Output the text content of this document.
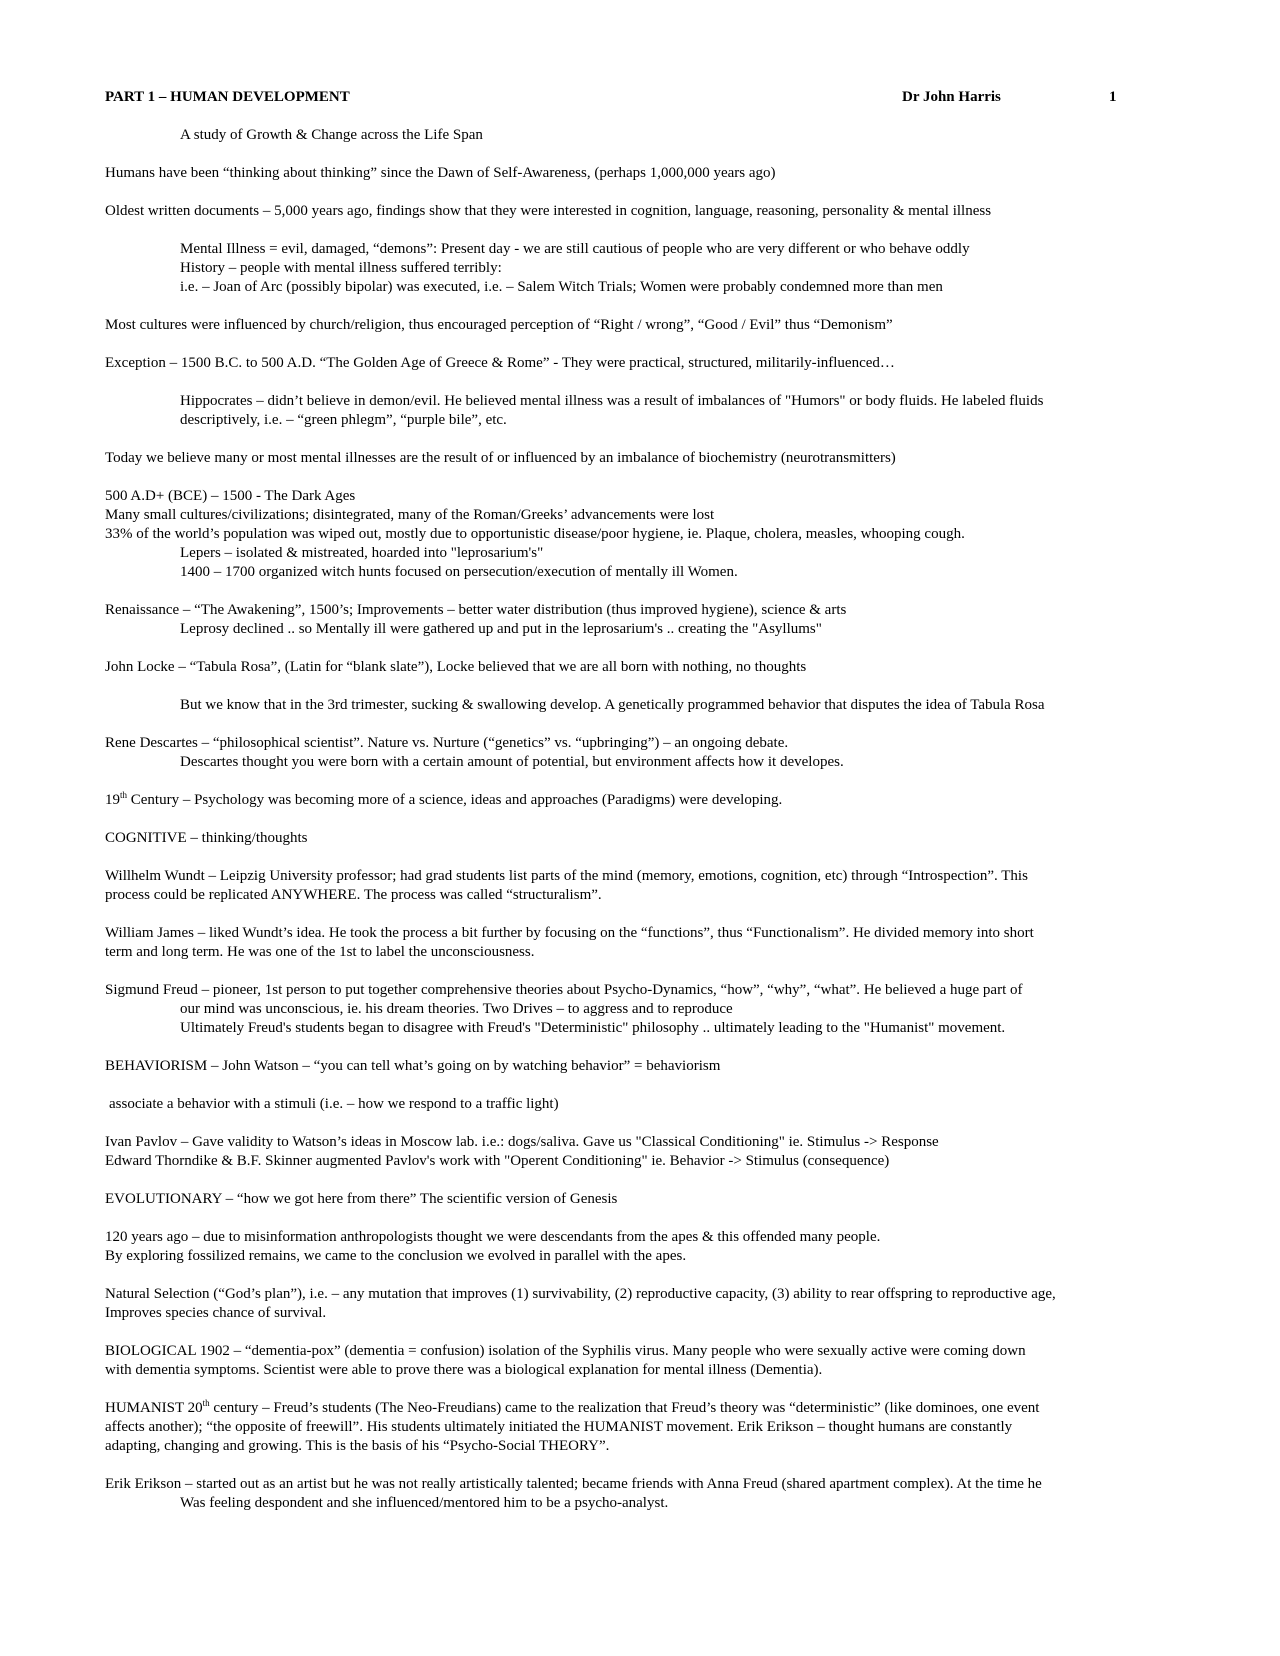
PART 1 – HUMAN DEVELOPMENT	Dr John Harris	1

A study of Growth & Change across the Life Span

Humans have been “thinking about thinking” since the Dawn of Self-Awareness, (perhaps 1,000,000 years ago)

Oldest written documents – 5,000 years ago, findings show that they were interested in cognition, language, reasoning, personality & mental illness

Mental Illness = evil, damaged, “demons”: Present day - we are still cautious of people who are very different or who behave oddly

History – people with mental illness suffered terribly:

i.e. – Joan of Arc (possibly bipolar) was executed, i.e. – Salem Witch Trials; Women were probably condemned more than men

Most cultures were influenced by church/religion, thus encouraged perception of “Right / wrong”, “Good / Evil” thus “Demonism”

Exception – 1500 B.C. to 500 A.D. “The Golden Age of Greece & Rome” - They were practical, structured, militarily-influenced…

Hippocrates – didn’t believe in demon/evil. He believed mental illness was a result of imbalances of "Humors" or body fluids. He labeled fluids

descriptively, i.e. – “green phlegm”, “purple bile”, etc.

Today we believe many or most mental illnesses are the result of or influenced by an imbalance of biochemistry (neurotransmitters)

500 A.D+ (BCE) – 1500 - The Dark Ages

Many small cultures/civilizations; disintegrated, many of the Roman/Greeks’ advancements were lost

33% of the world’s population was wiped out, mostly due to opportunistic disease/poor hygiene, ie. Plaque, cholera, measles, whooping cough.

Lepers – isolated & mistreated, hoarded into "leprosarium's"

1400 – 1700 organized witch hunts focused on persecution/execution of mentally ill Women.

Renaissance – “The Awakening”, 1500’s; Improvements – better water distribution (thus improved hygiene), science & arts

Leprosy declined .. so Mentally ill were gathered up and put in the leprosarium's .. creating the "Asyllums"

John Locke – “Tabula Rosa”, (Latin for “blank slate”), Locke believed that we are all born with nothing, no thoughts

But we know that in the 3rd trimester, sucking & swallowing develop. A genetically programmed behavior that disputes the idea of Tabula Rosa

Rene Descartes – “philosophical scientist”. Nature vs. Nurture (“genetics” vs. “upbringing”) – an ongoing debate.

Descartes thought you were born with a certain amount of potential, but environment affects how it developes.

19th Century – Psychology was becoming more of a science, ideas and approaches (Paradigms) were developing.

COGNITIVE – thinking/thoughts

Willhelm Wundt – Leipzig University professor; had grad students list parts of the mind (memory, emotions, cognition, etc) through “Introspection”. This

process could be replicated ANYWHERE. The process was called “structuralism”.

William James – liked Wundt’s idea. He took the process a bit further by focusing on the “functions”, thus “Functionalism”. He divided memory into short

term and long term. He was one of the 1st to label the unconsciousness.

Sigmund Freud – pioneer, 1st person to put together comprehensive theories about Psycho-Dynamics, “how”, “why”, “what”. He believed a huge part of

our mind was unconscious, ie. his dream theories. Two Drives – to aggress and to reproduce

Ultimately Freud's students began to disagree with Freud's "Deterministic" philosophy .. ultimately leading to the "Humanist" movement.

BEHAVIORISM – John Watson – “you can tell what’s going on by watching behavior” = behaviorism

associate a behavior with a stimuli (i.e. – how we respond to a traffic light)

Ivan Pavlov – Gave validity to Watson’s ideas in Moscow lab. i.e.: dogs/saliva. Gave us "Classical Conditioning" ie. Stimulus -> Response

Edward Thorndike & B.F. Skinner augmented Pavlov's work with "Operent Conditioning" ie. Behavior -> Stimulus (consequence)

EVOLUTIONARY – “how we got here from there” The scientific version of Genesis

120 years ago – due to misinformation anthropologists thought we were descendants from the apes & this offended many people.

By exploring fossilized remains, we came to the conclusion we evolved in parallel with the apes.

Natural Selection (“God’s plan”), i.e. – any mutation that improves (1) survivability, (2) reproductive capacity, (3) ability to rear offspring to reproductive age,

Improves species chance of survival.

BIOLOGICAL 1902 – “dementia-pox” (dementia = confusion) isolation of the Syphilis virus. Many people who were sexually active were coming down

with dementia symptoms. Scientist were able to prove there was a biological explanation for mental illness (Dementia).

HUMANIST 20th century – Freud’s students (The Neo-Freudians) came to the realization that Freud’s theory was “deterministic” (like dominoes, one event

affects another); “the opposite of freewill”. His students ultimately initiated the HUMANIST movement. Erik Erikson – thought humans are constantly

adapting, changing and growing. This is the basis of his “Psycho-Social THEORY”.

Erik Erikson – started out as an artist but he was not really artistically talented; became friends with Anna Freud (shared apartment complex). At the time he

Was feeling despondent and she influenced/mentored him to be a psycho-analyst.
